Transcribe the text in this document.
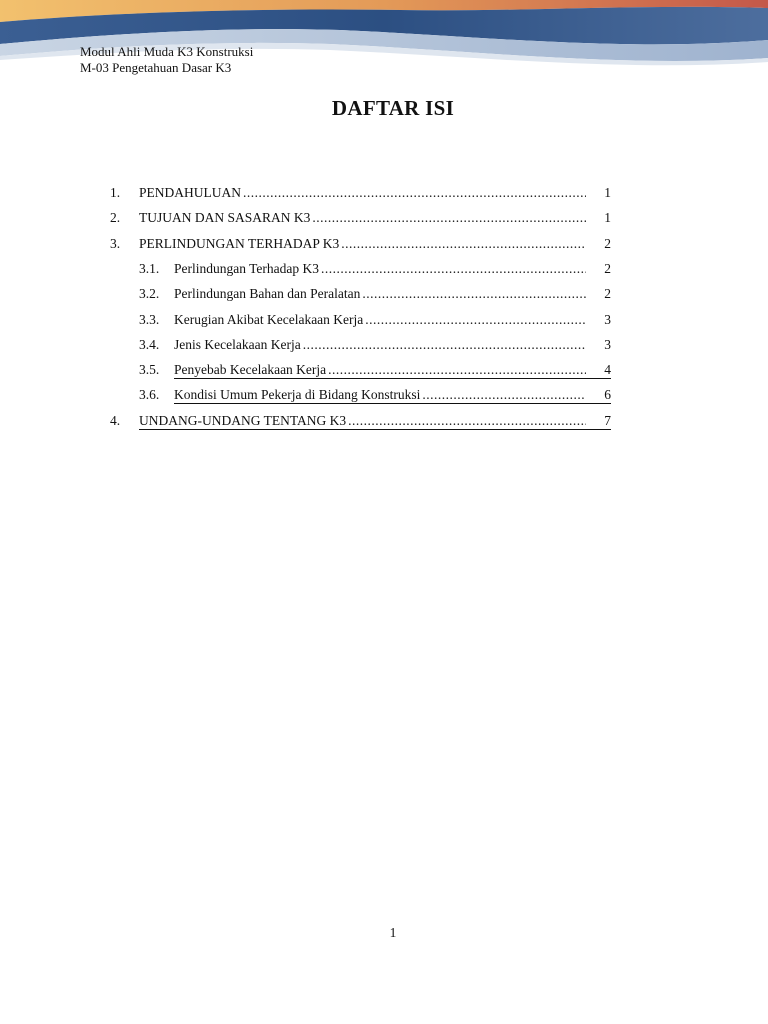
Modul Ahli Muda K3 Konstruksi
M-03 Pengetahuan Dasar K3
DAFTAR ISI
1. PENDAHULUAN .....	1
2. TUJUAN DAN SASARAN K3 .....	1
3. PERLINDUNGAN TERHADAP K3 .....	2
3.1. Perlindungan Terhadap K3 .....	2
3.2. Perlindungan Bahan dan Peralatan .....	2
3.3. Kerugian Akibat Kecelakaan Kerja .....	3
3.4. Jenis Kecelakaan Kerja .....	3
3.5. Penyebab Kecelakaan Kerja .....	4
3.6. Kondisi Umum Pekerja di Bidang Konstruksi .....	6
4. UNDANG-UNDANG TENTANG K3 .....	7
1
